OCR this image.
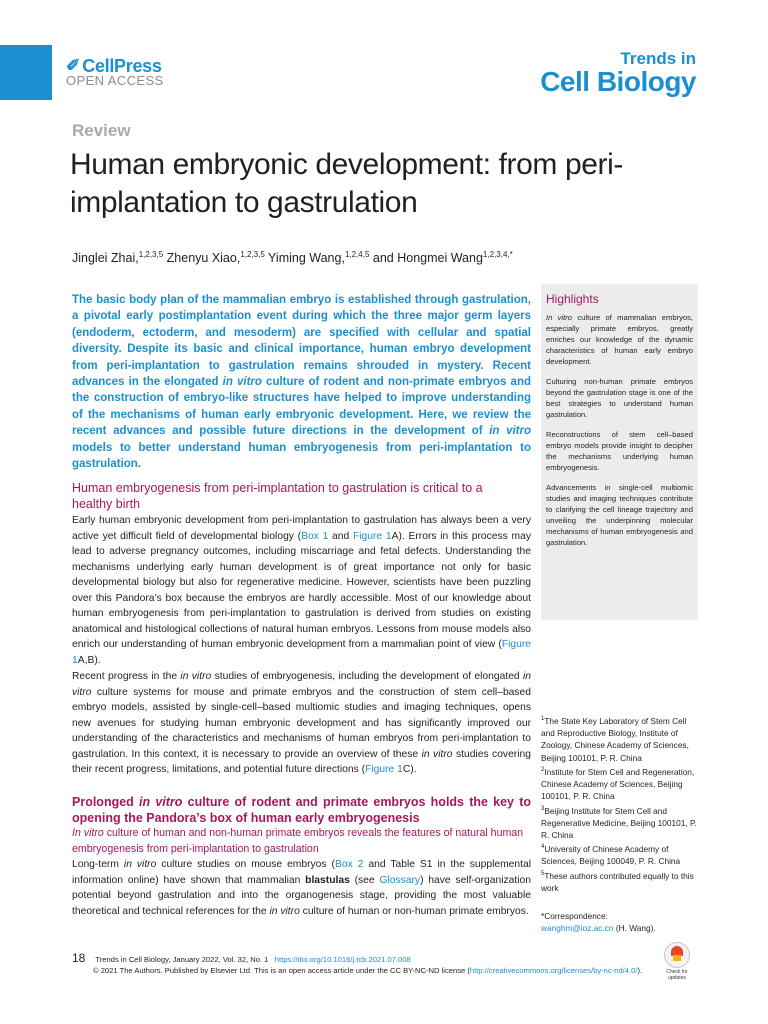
✐ CellPress
OPEN ACCESS
Trends in
Cell Biology
Review
Human embryonic development: from peri-implantation to gastrulation
Jinglei Zhai,$^{1,2,3,5}$ Zhenyu Xiao,$^{1,2,3,5}$ Yiming Wang,$^{1,2,4,5}$ and Hongmei Wang$^{1,2,3,4,*}$

The basic body plan of the mammalian embryo is established through gastrulation, a pivotal early postimplantation event during which the three major germ layers (endoderm, ectoderm, and mesoderm) are specified with cellular and spatial diversity. Despite its basic and clinical importance, human embryo development from peri-implantation to gastrulation remains shrouded in mystery. Recent advances in the elongated in vitro culture of rodent and non-primate embryos and the construction of embryo-like structures have helped to improve understanding of the mechanisms of human early embryonic development. Here, we review the recent advances and possible future directions in the development of in vitro models to better understand human embryogenesis from peri-implantation to gastrulation.

Highlights

In vitro culture of mammalian embryos, especially primate embryos, greatly enriches our knowledge of the dynamic characteristics of human early embryo development.

Culturing non-human primate embryos beyond the gastrulation stage is one of the best strategies to understand human gastrulation.

Reconstructions of stem cell–based embryo models provide insight to decipher the mechanisms underlying human embryogenesis.

Advancements in single-cell multiomic studies and imaging techniques contribute to clarifying the cell lineage trajectory and unveiling the underpinning molecular mechanisms of human embryogenesis and gastrulation.

Human embryogenesis from peri-implantation to gastrulation is critical to a healthy birth

Early human embryonic development from peri-implantation to gastrulation has always been a very active yet difficult field of developmental biology (Box 1 and Figure 1A). Errors in this process may lead to adverse pregnancy outcomes, including miscarriage and fetal defects. Understanding the mechanisms underlying early human development is of great importance not only for basic developmental biology but also for regenerative medicine. However, scientists have been puzzling over this Pandora’s box because the embryos are hardly accessible. Most of our knowledge about human embryogenesis from peri-implantation to gastrulation is derived from studies on existing anatomical and histological collections of natural human embryos. Lessons from mouse models also enrich our understanding of human embryonic development from a mammalian point of view (Figure 1A,B).

Recent progress in the in vitro studies of embryogenesis, including the development of elongated in vitro culture systems for mouse and primate embryos and the construction of stem cell–based embryo models, assisted by single-cell–based multiomic studies and imaging techniques, opens new avenues for studying human embryonic development and has significantly improved our understanding of the characteristics and mechanisms of human embryos from peri-implantation to gastrulation. In this context, it is necessary to provide an overview of these in vitro studies covering their recent progress, limitations, and potential future directions (Figure 1C).

Prolonged in vitro culture of rodent and primate embryos holds the key to opening the Pandora’s box of human early embryogenesis

In vitro culture of human and non-human primate embryos reveals the features of natural human embryogenesis from peri-implantation to gastrulation

Long-term in vitro culture studies on mouse embryos (Box 2 and Table S1 in the supplemental information online) have shown that mammalian blastulas (see Glossary) have self-organization potential beyond gastrulation and into the organogenesis stage, providing the most valuable theoretical and technical references for the in vitro culture of human or non-human primate embryos.

$^1$The State Key Laboratory of Stem Cell and Reproductive Biology, Institute of Zoology, Chinese Academy of Sciences, Beijing 100101, P. R. China
$^2$Institute for Stem Cell and Regeneration, Chinese Academy of Sciences, Beijing 100101, P. R. China
$^3$Beijing Institute for Stem Cell and Regenerative Medicine, Beijing 100101, P. R. China
$^4$University of Chinese Academy of Sciences, Beijing 100049, P. R. China
$^5$These authors contributed equally to this work
*Correspondence:
wanghm@ioz.ac.cn (H. Wang).
18 Trends in Cell Biology, January 2022, Vol. 32, No. 1 https://doi.org/10.1016/j.tcb.2021.07.008
© 2021 The Authors. Published by Elsevier Ltd. This is an open access article under the CC BY-NC-ND license (http://creativecommons.org/licenses/by-nc-nd/4.0/).	Check for updates
